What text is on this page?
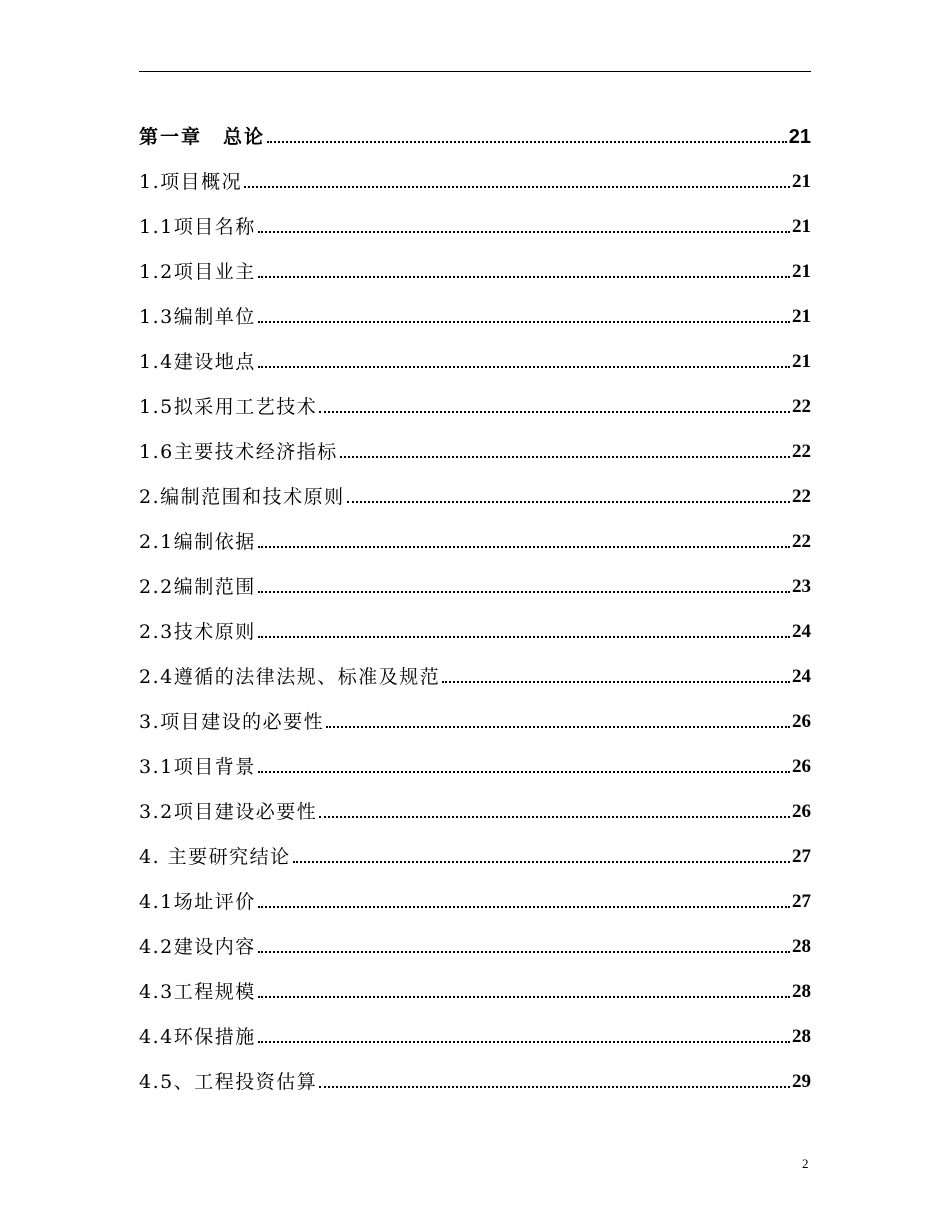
第一章　总论	21
1.项目概况	21
1.1项目名称	21
1.2项目业主	21
1.3编制单位	21
1.4建设地点	21
1.5拟采用工艺技术	22
1.6主要技术经济指标	22
2.编制范围和技术原则	22
2.1编制依据	22
2.2编制范围	23
2.3技术原则	24
2.4遵循的法律法规、标准及规范	24
3.项目建设的必要性	26
3.1项目背景	26
3.2项目建设必要性	26
4. 主要研究结论	27
4.1场址评价	27
4.2建设内容	28
4.3工程规模	28
4.4环保措施	28
4.5、工程投资估算	29
2
